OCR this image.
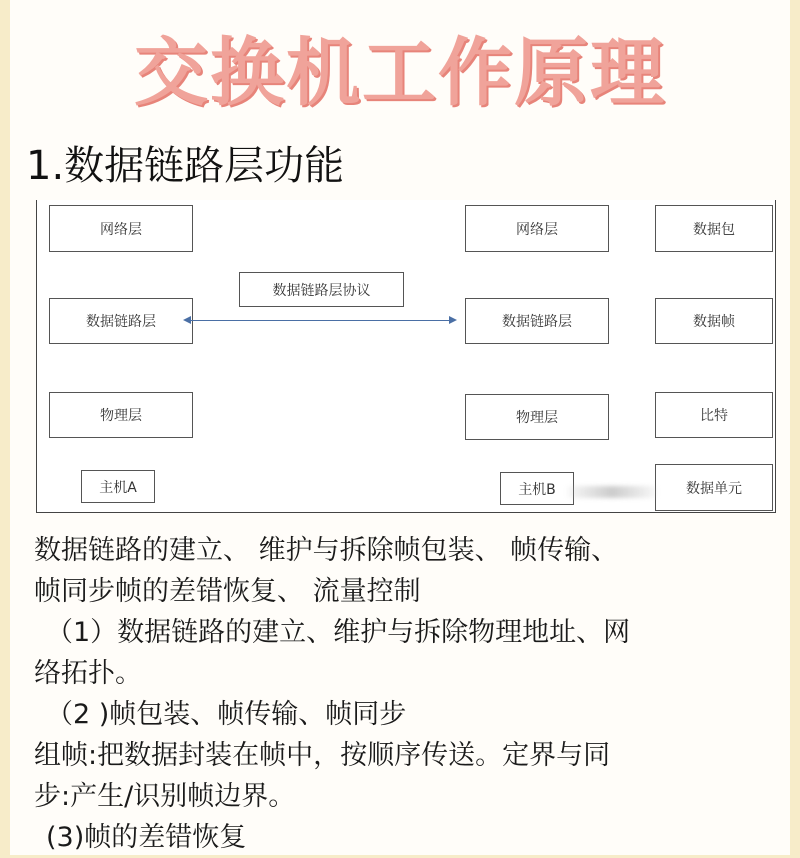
交换机工作原理
1.数据链路层功能
网络层
数据链路层
物理层
主机A
数据链路层协议
网络层
数据链路层
物理层
主机B
数据包
数据帧
比特
数据单元

数据链路的建立、 维护与拆除帧包装、 帧传输、

帧同步帧的差错恢复、 流量控制

（1）数据链路的建立、维护与拆除物理地址、网

络拓扑。

（2 )帧包装、帧传输、帧同步

组帧:把数据封装在帧中，按顺序传送。定界与同

步:产生/识别帧边界。

(3)帧的差错恢复
